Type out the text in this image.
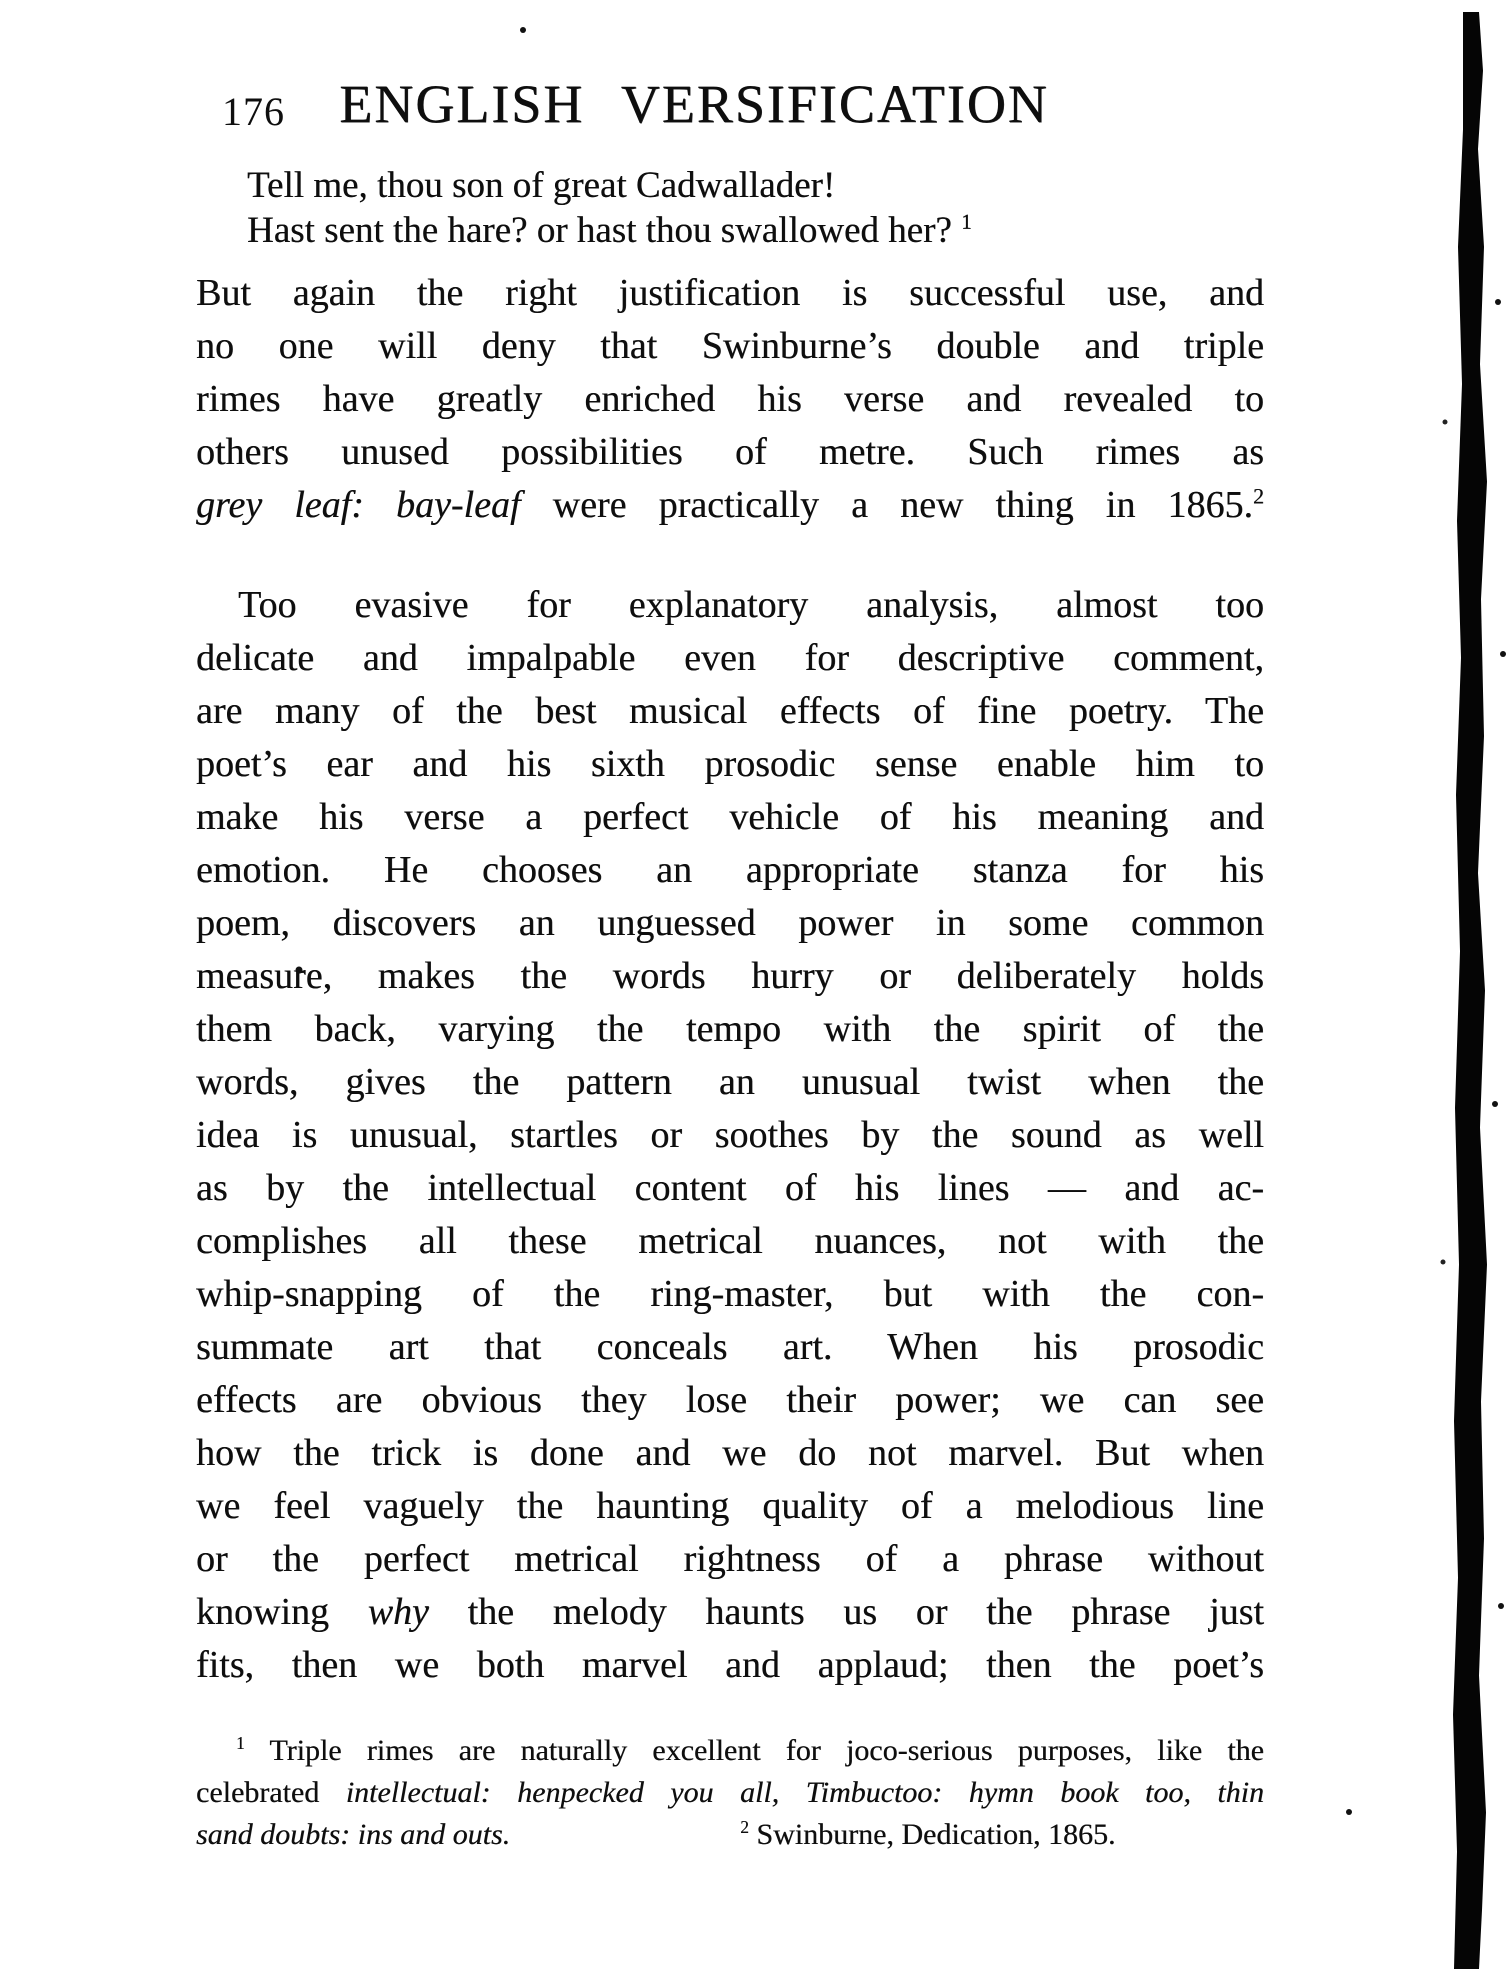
176	ENGLISH VERSIFICATION
Tell me, thou son of great Cadwallader!
Hast sent the hare? or hast thou swallowed her? $^1$
But again the right justification is successful use, and
no one will deny that Swinburne’s double and triple
rimes have greatly enriched his verse and revealed to
others unused possibilities of metre. Such rimes as
grey leaf: bay-leaf were practically a new thing in 1865.$^2$
Too evasive for explanatory analysis, almost too
delicate and impalpable even for descriptive comment,
are many of the best musical effects of fine poetry. The
poet’s ear and his sixth prosodic sense enable him to
make his verse a perfect vehicle of his meaning and
emotion. He chooses an appropriate stanza for his
poem, discovers an unguessed power in some common
measure, makes the words hurry or deliberately holds
them back, varying the tempo with the spirit of the
words, gives the pattern an unusual twist when the
idea is unusual, startles or soothes by the sound as well
as by the intellectual content of his lines — and ac-
complishes all these metrical nuances, not with the
whip-snapping of the ring-master, but with the con-
summate art that conceals art. When his prosodic
effects are obvious they lose their power; we can see
how the trick is done and we do not marvel. But when
we feel vaguely the haunting quality of a melodious line
or the perfect metrical rightness of a phrase without
knowing why the melody haunts us or the phrase just
fits, then we both marvel and applaud; then the poet’s
$^1$ Triple rimes are naturally excellent for joco-serious purposes, like the
celebrated intellectual: henpecked you all, Timbuctoo: hymn book too, thin
sand doubts: ins and outs.	$^2$ Swinburne, Dedication, 1865.
